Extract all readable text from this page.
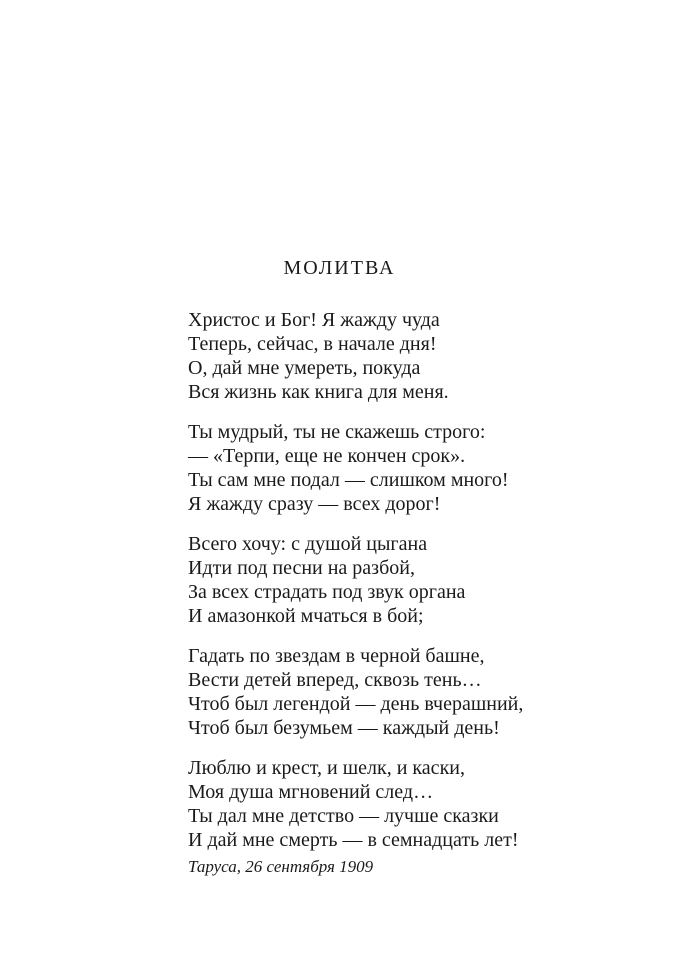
МОЛИТВА
Христос и Бог! Я жажду чуда
Теперь, сейчас, в начале дня!
О, дай мне умереть, покуда
Вся жизнь как книга для меня.
Ты мудрый, ты не скажешь строго:
— «Терпи, еще не кончен срок».
Ты сам мне подал — слишком много!
Я жажду сразу — всех дорог!
Всего хочу: с душой цыгана
Идти под песни на разбой,
За всех страдать под звук органа
И амазонкой мчаться в бой;
Гадать по звездам в черной башне,
Вести детей вперед, сквозь тень…
Чтоб был легендой — день вчерашний,
Чтоб был безумьем — каждый день!
Люблю и крест, и шелк, и каски,
Моя душа мгновений след…
Ты дал мне детство — лучше сказки
И дай мне смерть — в семнадцать лет!
Таруса, 26 сентября 1909
